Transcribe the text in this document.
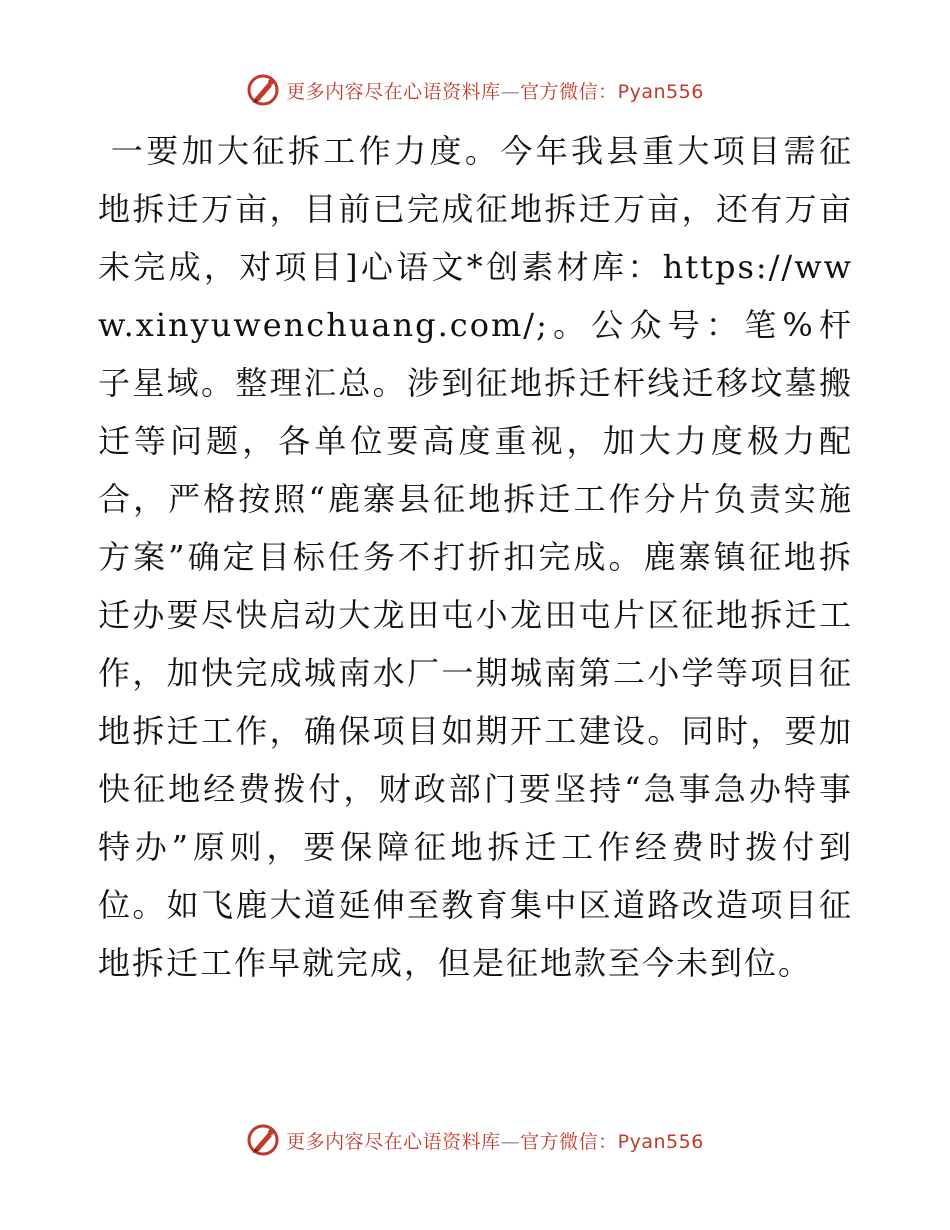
更多内容尽在心语资料库—官方微信：Pyan556

一要加大征拆工作力度。今年我县重大项目需征地拆迁万亩，目前已完成征地拆迁万亩，还有万亩未完成，对项目]心语文*创素材库：https://www.xinyuwenchuang.com/;。公众号：笔%杆子星域。整理汇总。涉到征地拆迁杆线迁移坟墓搬迁等问题，各单位要高度重视，加大力度极力配合，严格按照“鹿寨县征地拆迁工作分片负责实施方案”确定目标任务不打折扣完成。鹿寨镇征地拆迁办要尽快启动大龙田屯小龙田屯片区征地拆迁工作，加快完成城南水厂一期城南第二小学等项目征地拆迁工作，确保项目如期开工建设。同时，要加快征地经费拨付，财政部门要坚持“急事急办特事特办”原则，要保障征地拆迁工作经费时拨付到位。如飞鹿大道延伸至教育集中区道路改造项目征地拆迁工作早就完成，但是征地款至今未到位。

更多内容尽在心语资料库—官方微信：Pyan556
